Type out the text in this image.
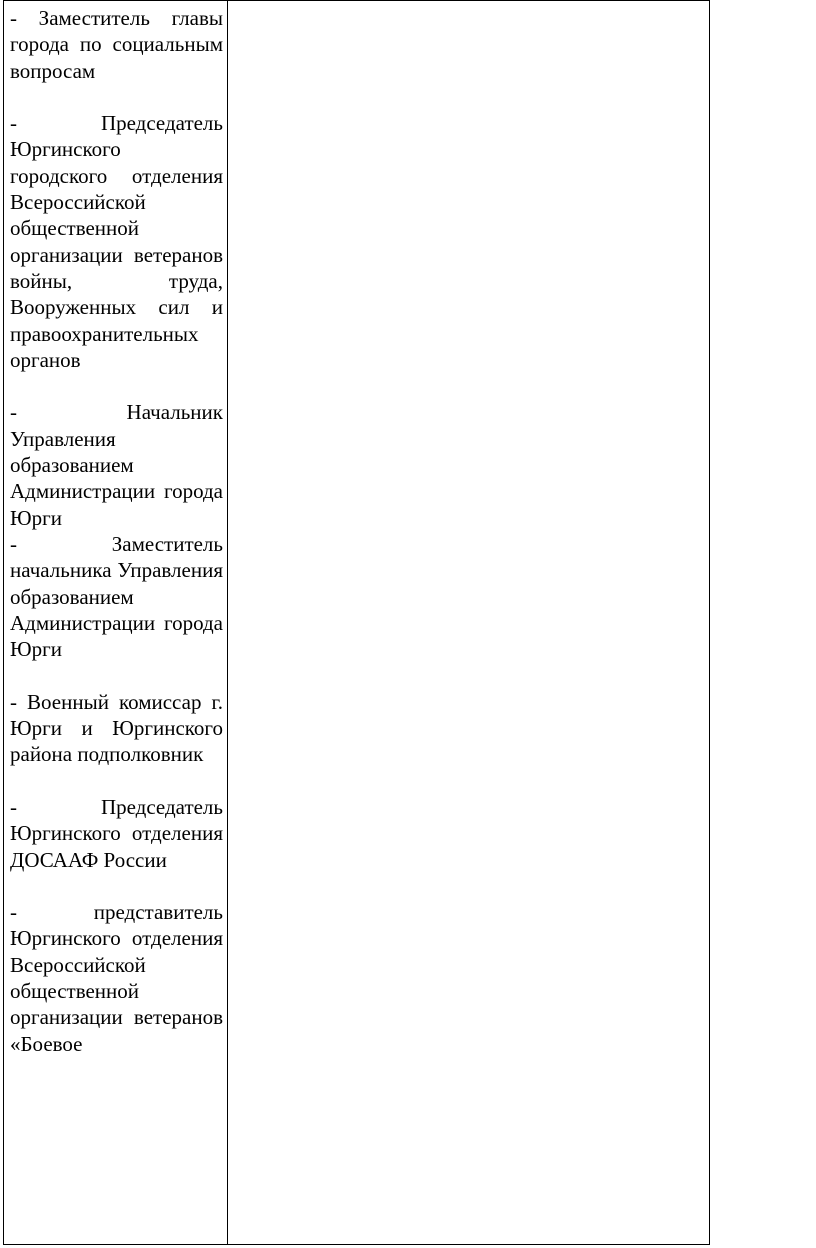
- Заместитель главы города по социальным вопросам

- Председатель Юргинского городского отделения Всероссийской общественной организации ветеранов войны, труда, Вооруженных сил и правоохранительных органов

- Начальник Управления образованием Администрации города Юрги

- Заместитель начальника Управления образованием Администрации города Юрги

- Военный комиссар г. Юрги и Юргинского района подполковник

- Председатель Юргинского отделения ДОСААФ России

- представитель Юргинского отделения Всероссийской общественной организации ветеранов «Боевое
